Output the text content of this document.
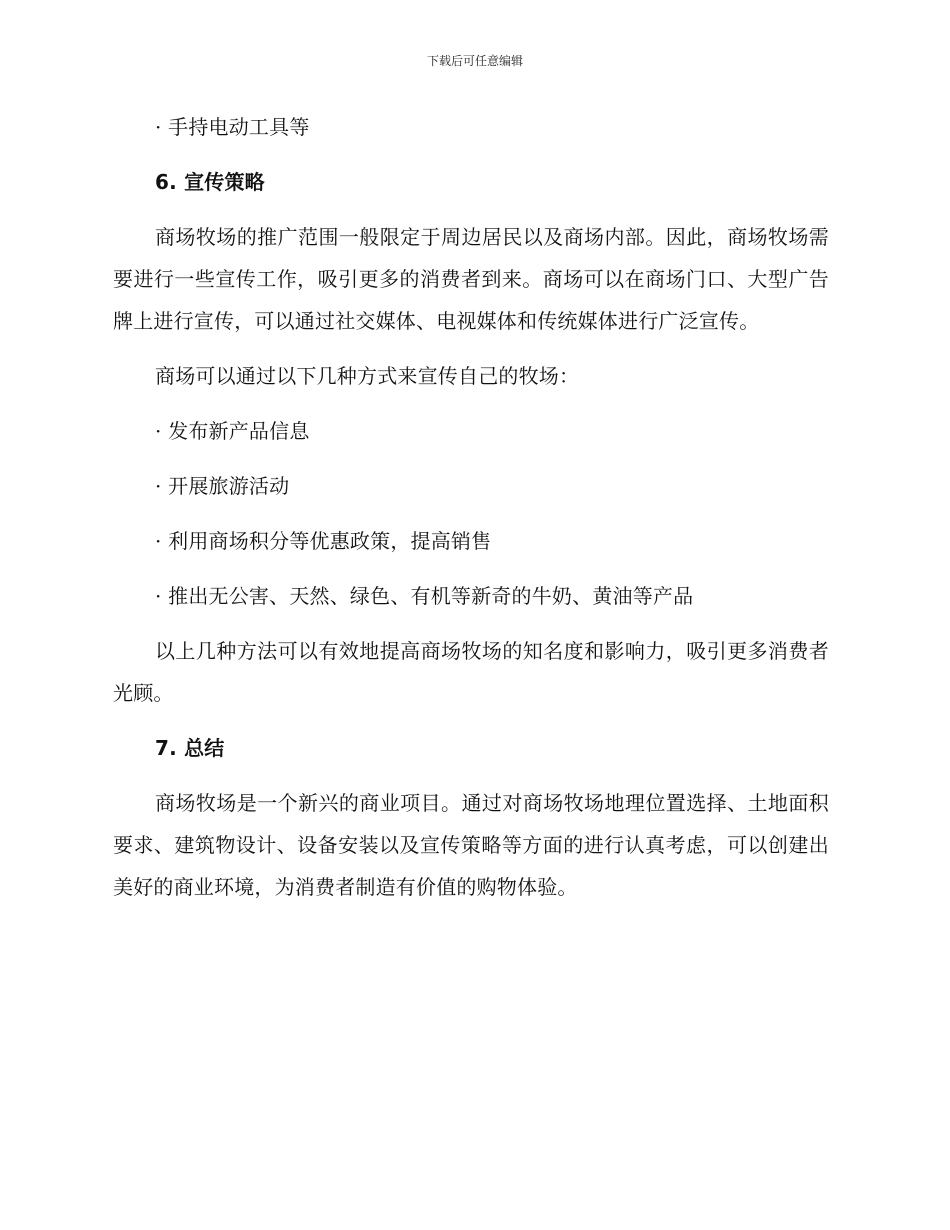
下载后可任意编辑

· 手持电动工具等

6. 宣传策略

商场牧场的推广范围一般限定于周边居民以及商场内部。因此，商场牧场需要进行一些宣传工作，吸引更多的消费者到来。商场可以在商场门口、大型广告牌上进行宣传，可以通过社交媒体、电视媒体和传统媒体进行广泛宣传。

商场可以通过以下几种方式来宣传自己的牧场：

· 发布新产品信息

· 开展旅游活动

· 利用商场积分等优惠政策，提高销售

· 推出无公害、天然、绿色、有机等新奇的牛奶、黄油等产品

以上几种方法可以有效地提高商场牧场的知名度和影响力，吸引更多消费者光顾。

7. 总结

商场牧场是一个新兴的商业项目。通过对商场牧场地理位置选择、土地面积要求、建筑物设计、设备安装以及宣传策略等方面的进行认真考虑，可以创建出美好的商业环境，为消费者制造有价值的购物体验。
